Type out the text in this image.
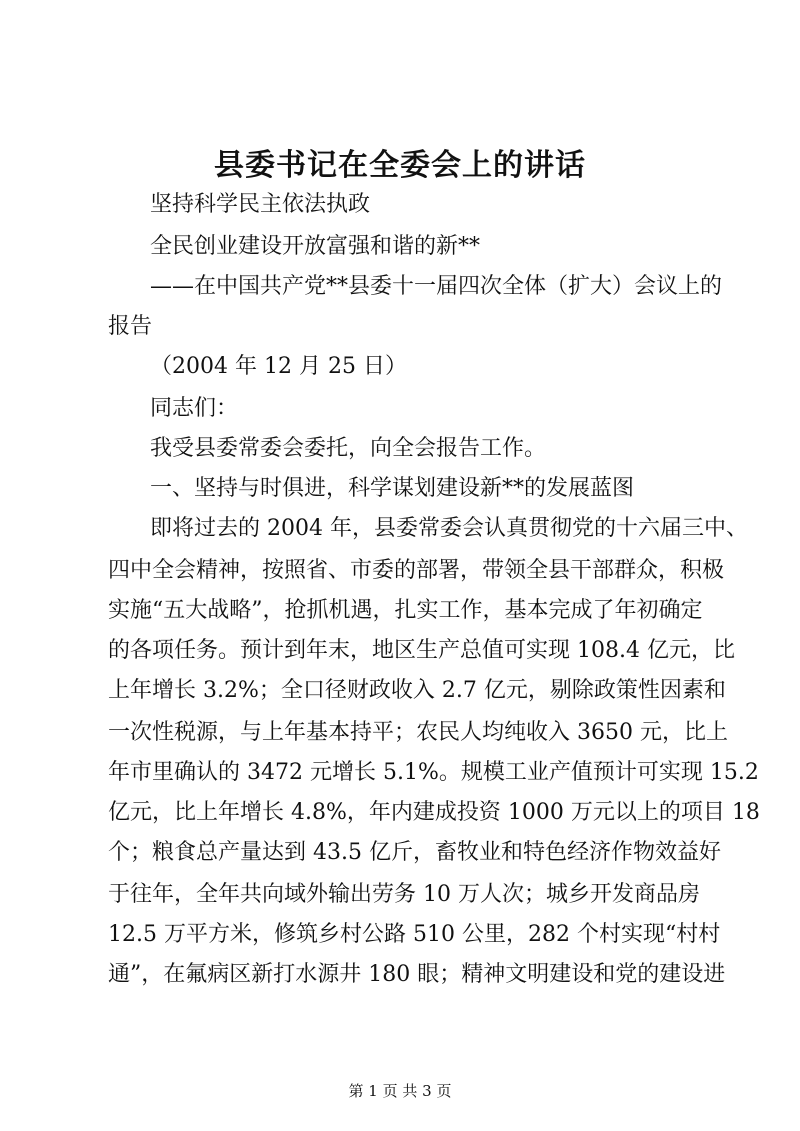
县委书记在全委会上的讲话
坚持科学民主依法执政
全民创业建设开放富强和谐的新**
——在中国共产党**县委十一届四次全体（扩大）会议上的
报告
（2004 年 12 月 25 日）
同志们：
我受县委常委会委托，向全会报告工作。
一、坚持与时俱进，科学谋划建设新**的发展蓝图
即将过去的 2004 年，县委常委会认真贯彻党的十六届三中、
四中全会精神，按照省、市委的部署，带领全县干部群众，积极
实施“五大战略”，抢抓机遇，扎实工作，基本完成了年初确定
的各项任务。预计到年末，地区生产总值可实现 108.4 亿元，比
上年增长 3.2%；全口径财政收入 2.7 亿元，剔除政策性因素和
一次性税源，与上年基本持平；农民人均纯收入 3650 元，比上
年市里确认的 3472 元增长 5.1%。规模工业产值预计可实现 15.2
亿元，比上年增长 4.8%，年内建成投资 1000 万元以上的项目 18
个；粮食总产量达到 43.5 亿斤，畜牧业和特色经济作物效益好
于往年，全年共向域外输出劳务 10 万人次；城乡开发商品房
12.5 万平方米，修筑乡村公路 510 公里，282 个村实现“村村
通”，在氟病区新打水源井 180 眼；精神文明建设和党的建设进
第 1 页 共 3 页
